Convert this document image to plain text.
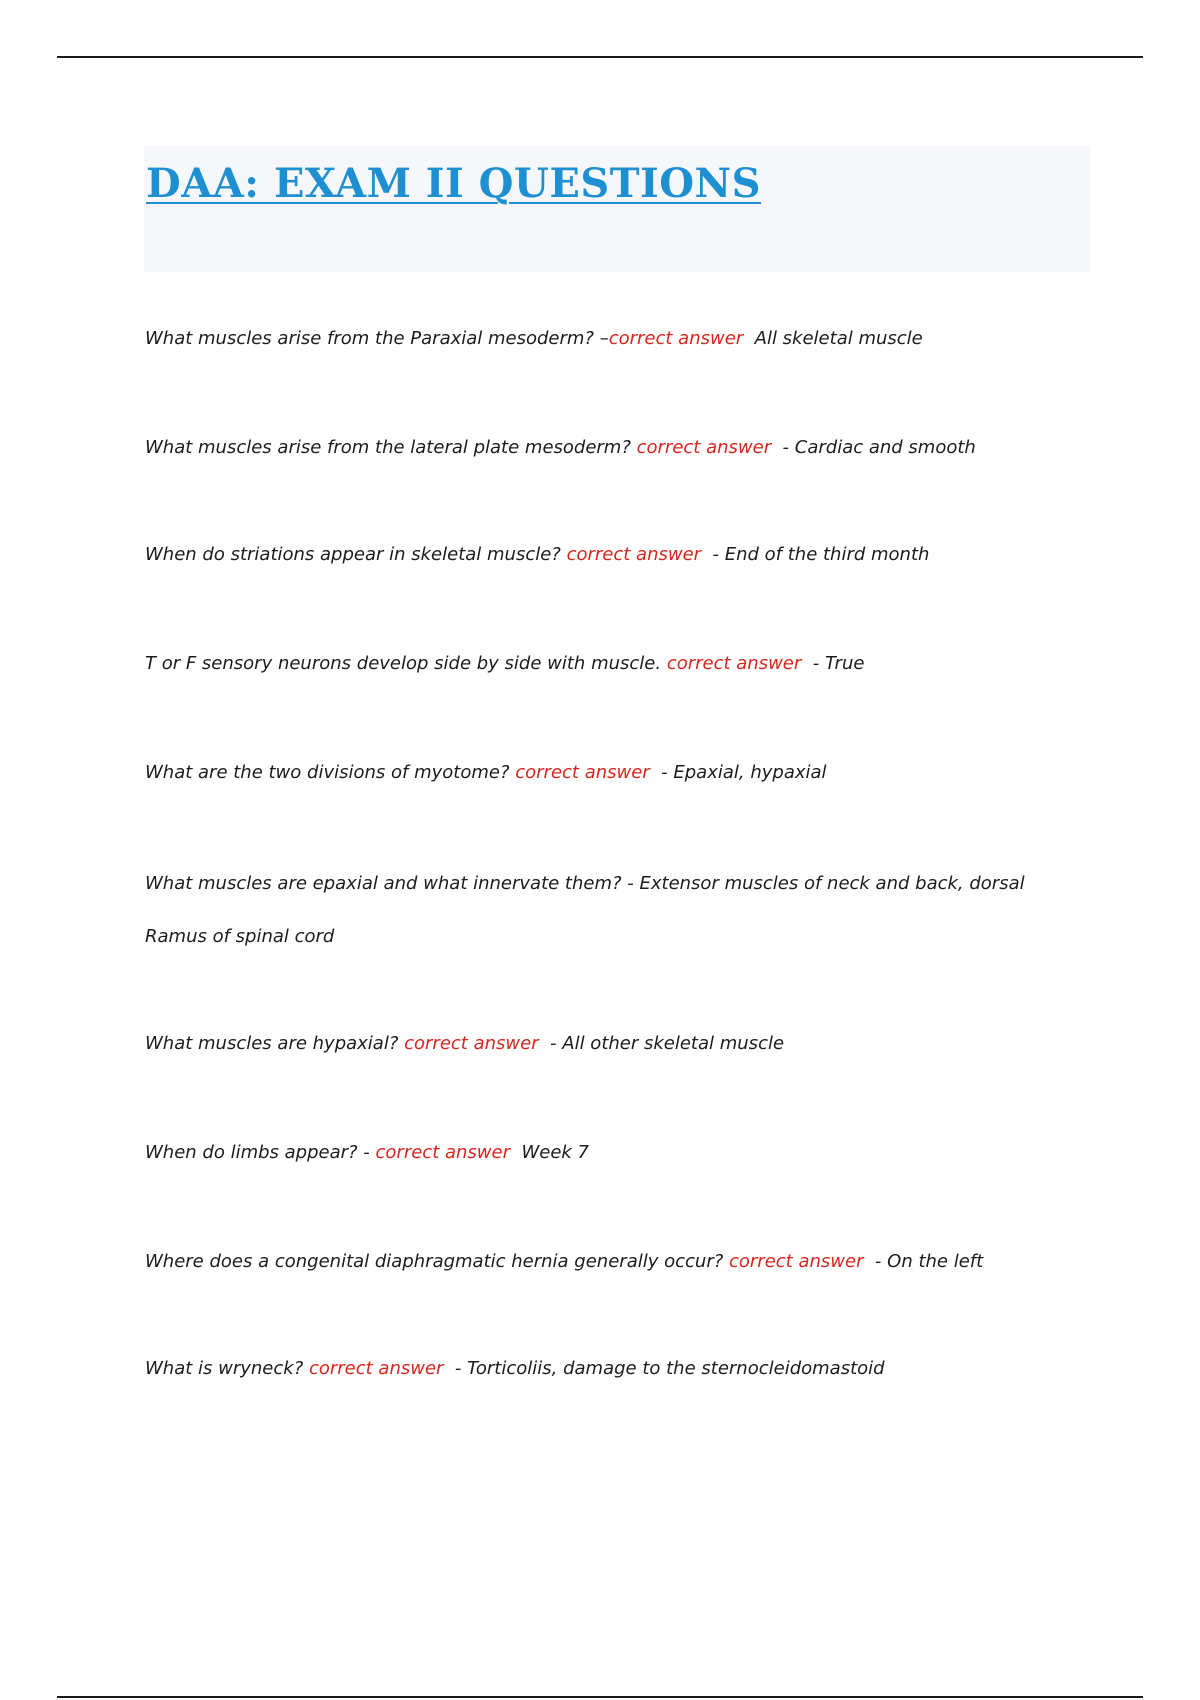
DAA: EXAM II QUESTIONS

What muscles arise from the Paraxial mesoderm? –correct answer  All skeletal muscle

What muscles arise from the lateral plate mesoderm? correct answer  - Cardiac and smooth

When do striations appear in skeletal muscle? correct answer  - End of the third month

T or F sensory neurons develop side by side with muscle. correct answer  - True

What are the two divisions of myotome? correct answer  - Epaxial, hypaxial

What muscles are epaxial and what innervate them? - Extensor muscles of neck and back, dorsal Ramus of spinal cord

What muscles are hypaxial? correct answer  - All other skeletal muscle

When do limbs appear? - correct answer  Week 7

Where does a congenital diaphragmatic hernia generally occur? correct answer  - On the left

What is wryneck? correct answer  - Torticoliis, damage to the sternocleidomastoid
